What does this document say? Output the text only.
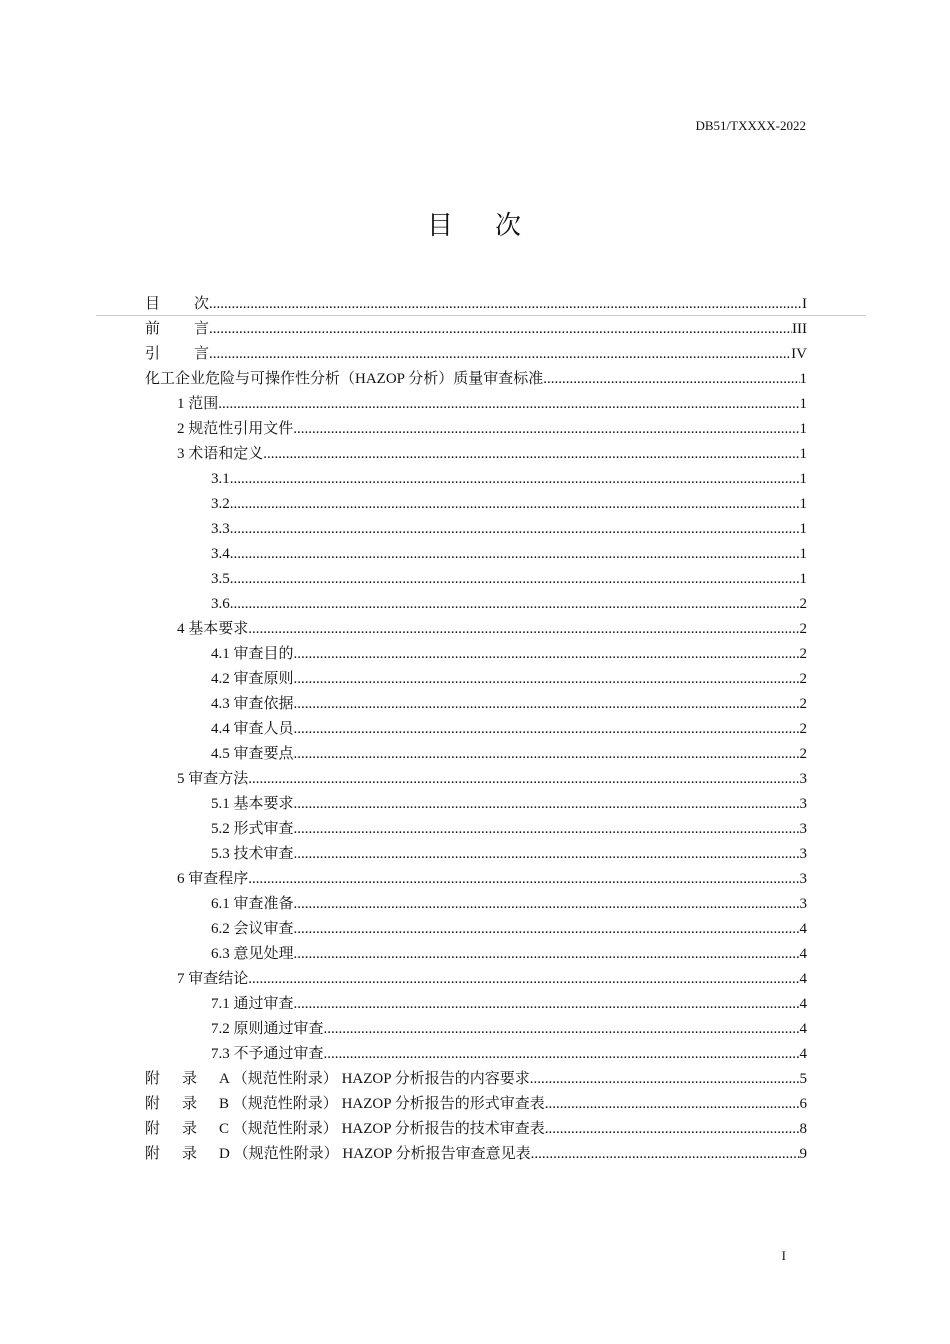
DB51/TXXXX-2022
目 次
目 次 .....	I
前 言 .....	III
引 言 .....	IV
化工企业危险与可操作性分析（HAZOP 分析）质量审查标准 .....	1
1 范围 .....	1
2 规范性引用文件 .....	1
3 术语和定义 .....	1
3.1 .....	1
3.2 .....	1
3.3 .....	1
3.4 .....	1
3.5 .....	1
3.6 .....	2
4 基本要求 .....	2
4.1 审查目的 .....	2
4.2 审查原则 .....	2
4.3 审查依据 .....	2
4.4 审查人员 .....	2
4.5 审查要点 .....	2
5 审查方法 .....	3
5.1 基本要求 .....	3
5.2 形式审查 .....	3
5.3 技术审查 .....	3
6 审查程序 .....	3
6.1 审查准备 .....	3
6.2 会议审查 .....	4
6.3 意见处理 .....	4
7 审查结论 .....	4
7.1 通过审查 .....	4
7.2 原则通过审查 .....	4
7.3 不予通过审查 .....	4
附 录 A （规范性附录） HAZOP 分析报告的内容要求 .....	5
附 录 B （规范性附录） HAZOP 分析报告的形式审查表 .....	6
附 录 C （规范性附录） HAZOP 分析报告的技术审查表 .....	8
附 录 D （规范性附录） HAZOP 分析报告审查意见表 .....	9
I
